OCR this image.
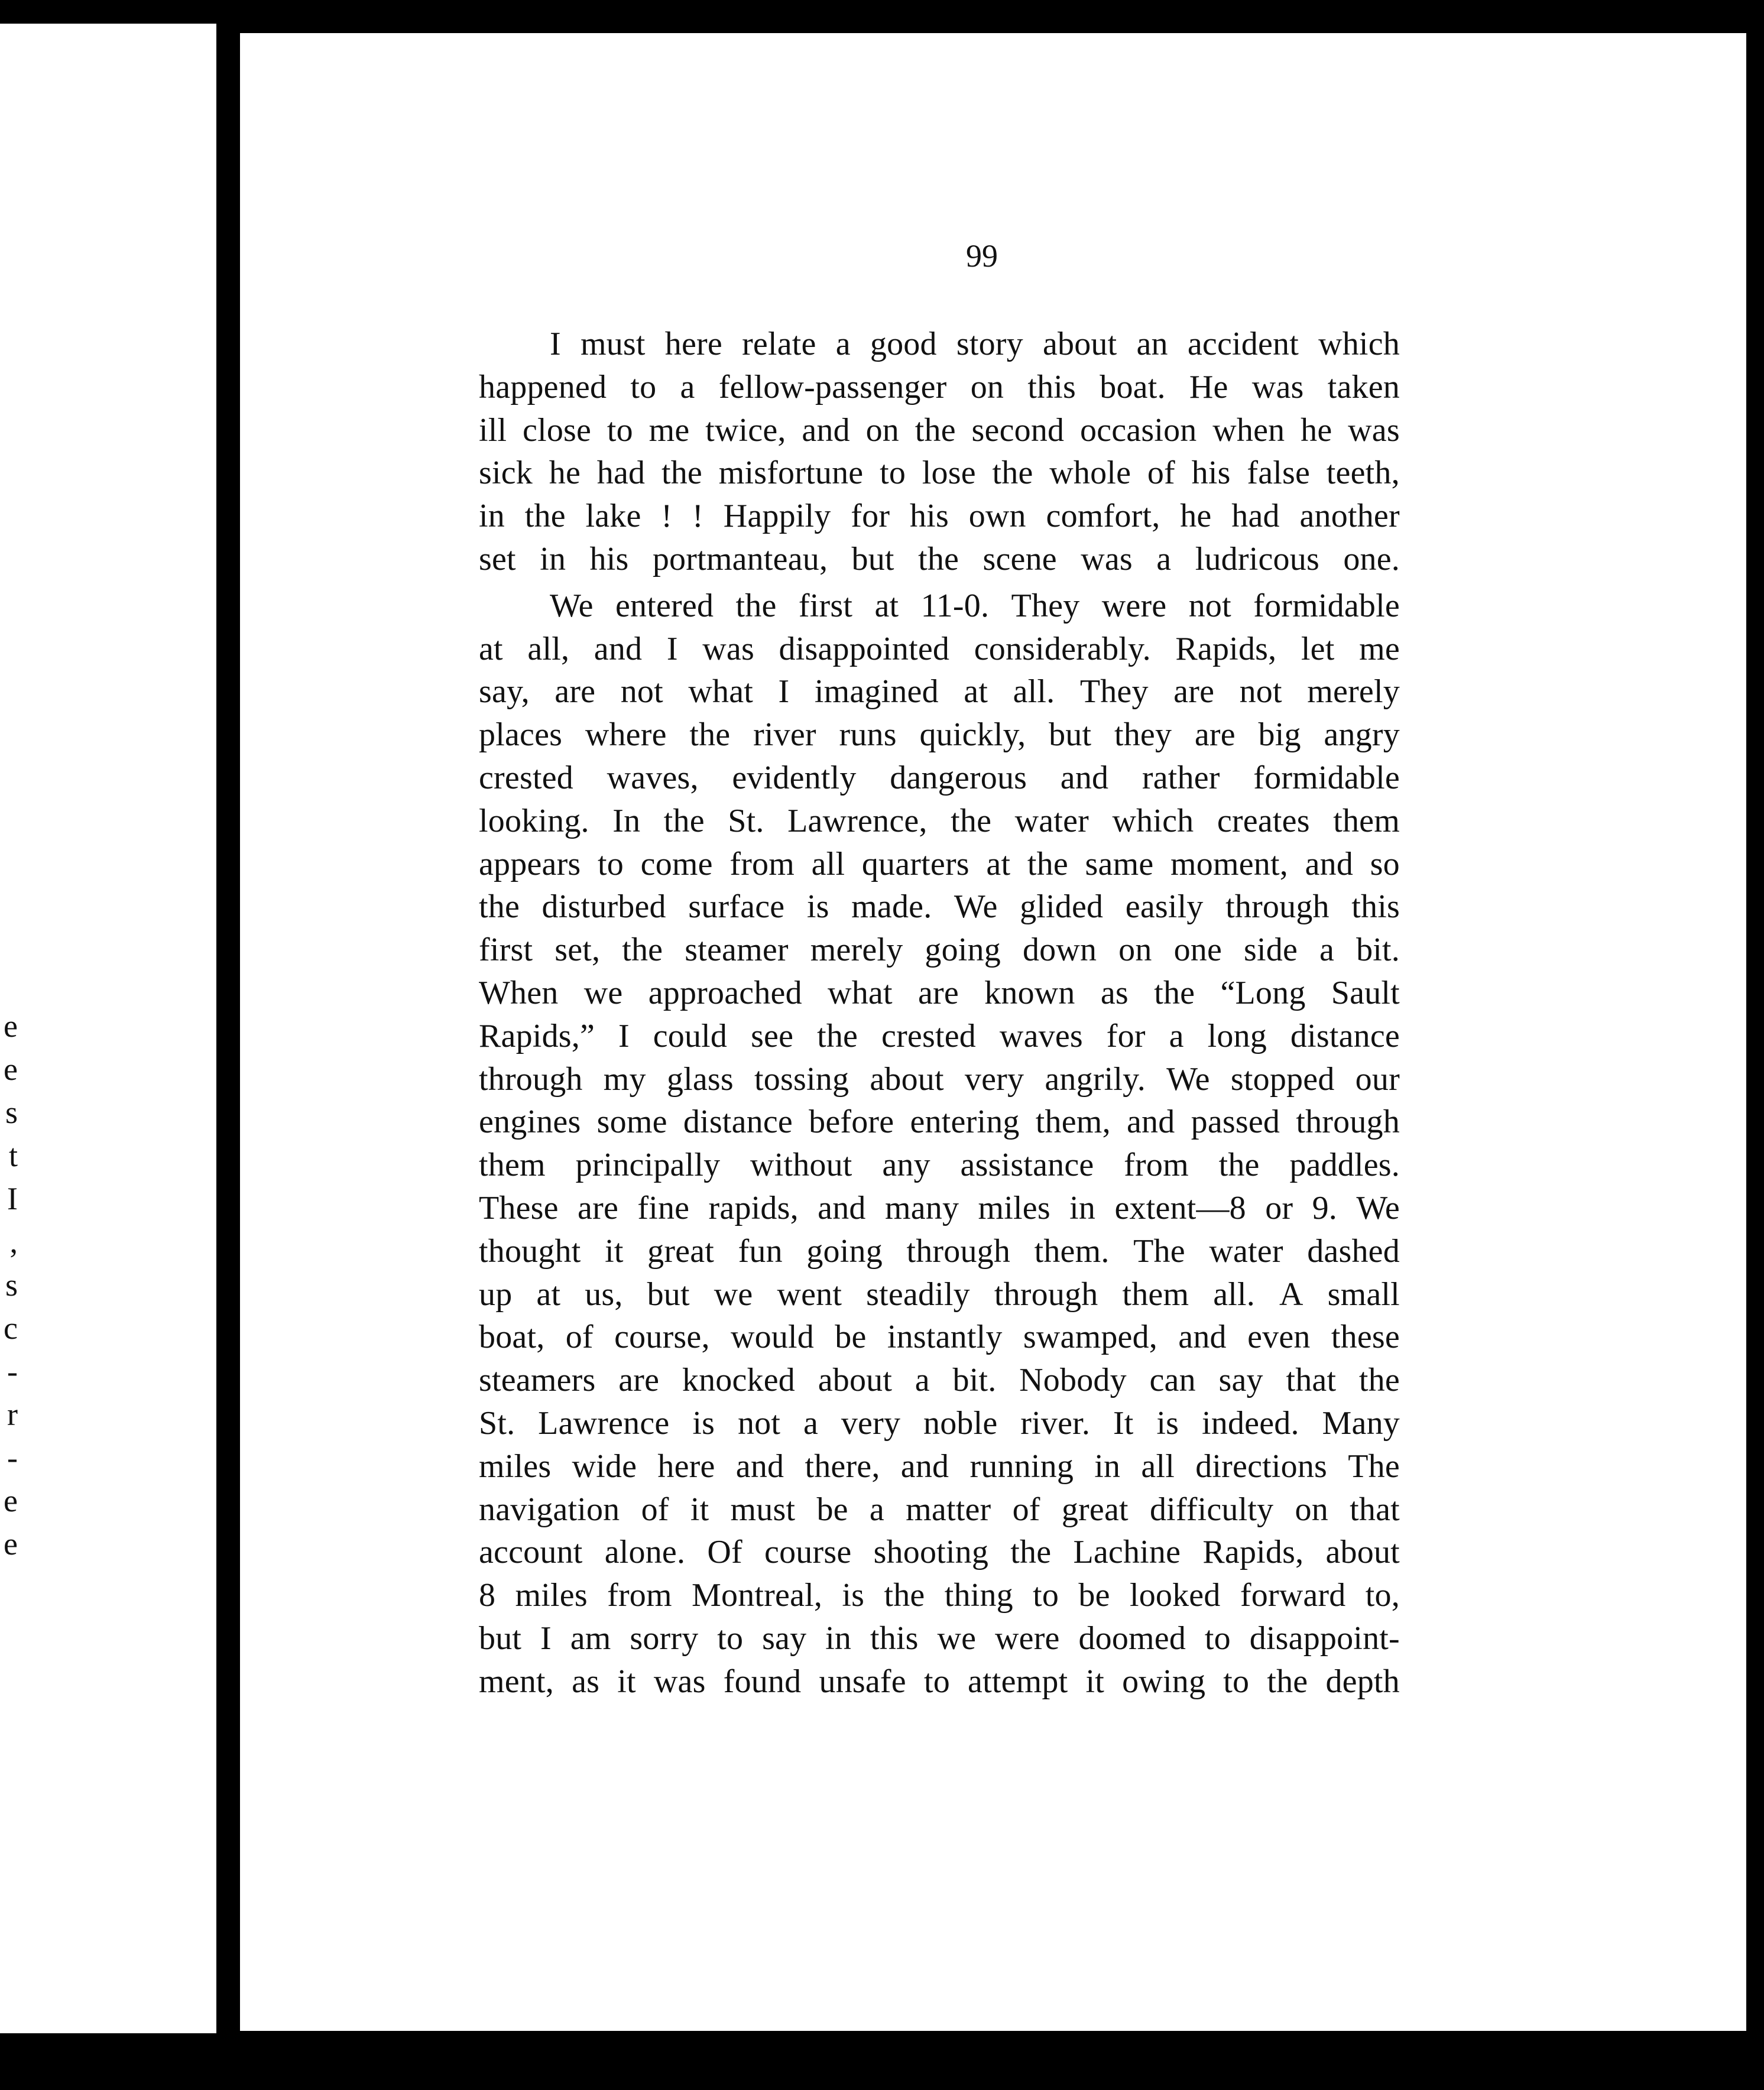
e
e
s
t
I
,
s
c
-
r
-
e
e
99
I must here relate a good story about an accident which
happened to a fellow-passenger on this boat. He was taken
ill close to me twice, and on the second occasion when he was
sick he had the misfortune to lose the whole of his false teeth,
in the lake ! ! Happily for his own comfort, he had another
set in his portmanteau, but the scene was a ludricous one.
We entered the first at 11-0. They were not formidable
at all, and I was disappointed considerably. Rapids, let me
say, are not what I imagined at all. They are not merely
places where the river runs quickly, but they are big angry
crested waves, evidently dangerous and rather formidable
looking. In the St. Lawrence, the water which creates them
appears to come from all quarters at the same moment, and so
the disturbed surface is made. We glided easily through this
first set, the steamer merely going down on one side a bit.
When we approached what are known as the “Long Sault
Rapids,” I could see the crested waves for a long distance
through my glass tossing about very angrily. We stopped our
engines some distance before entering them, and passed through
them principally without any assistance from the paddles.
These are fine rapids, and many miles in extent—8 or 9. We
thought it great fun going through them. The water dashed
up at us, but we went steadily through them all. A small
boat, of course, would be instantly swamped, and even these
steamers are knocked about a bit. Nobody can say that the
St. Lawrence is not a very noble river. It is indeed. Many
miles wide here and there, and running in all directions The
navigation of it must be a matter of great difficulty on that
account alone. Of course shooting the Lachine Rapids, about
8 miles from Montreal, is the thing to be looked forward to,
but I am sorry to say in this we were doomed to disappoint-
ment, as it was found unsafe to attempt it owing to the depth
